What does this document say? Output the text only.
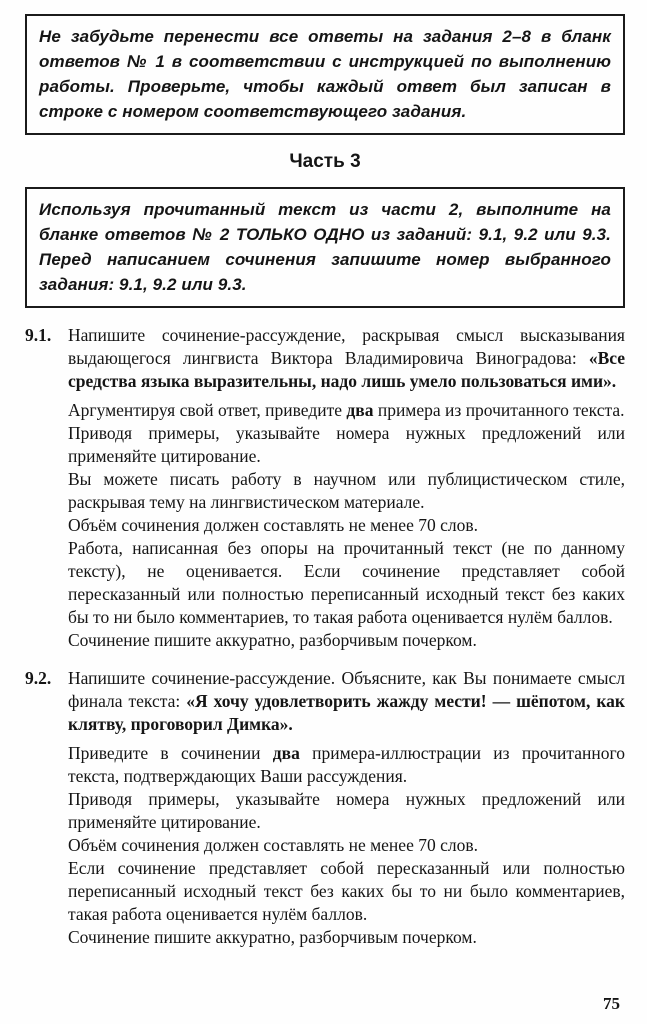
Не забудьте перенести все ответы на задания 2–8 в бланк ответов № 1 в соответствии с инструкцией по выполнению работы. Проверьте, чтобы каждый ответ был записан в строке с номером соответствующего задания.
Часть 3
Используя прочитанный текст из части 2, выполните на бланке ответов № 2 ТОЛЬКО ОДНО из заданий: 9.1, 9.2 или 9.3. Перед написанием сочинения запишите номер выбранного задания: 9.1, 9.2 или 9.3.
9.1. Напишите сочинение-рассуждение, раскрывая смысл высказывания выдающегося лингвиста Виктора Владимировича Виноградова: «Все средства языка выразительны, надо лишь умело пользоваться ими».

Аргументируя свой ответ, приведите два примера из прочитанного текста.

Приводя примеры, указывайте номера нужных предложений или применяйте цитирование.

Вы можете писать работу в научном или публицистическом стиле, раскрывая тему на лингвистическом материале.

Объём сочинения должен составлять не менее 70 слов.

Работа, написанная без опоры на прочитанный текст (не по данному тексту), не оценивается. Если сочинение представляет собой пересказанный или полностью переписанный исходный текст без каких бы то ни было комментариев, то такая работа оценивается нулём баллов.

Сочинение пишите аккуратно, разборчивым почерком.

9.2. Напишите сочинение-рассуждение. Объясните, как Вы понимаете смысл финала текста: «Я хочу удовлетворить жажду мести! — шёпотом, как клятву, проговорил Димка».

Приведите в сочинении два примера-иллюстрации из прочитанного текста, подтверждающих Ваши рассуждения.

Приводя примеры, указывайте номера нужных предложений или применяйте цитирование.

Объём сочинения должен составлять не менее 70 слов.

Если сочинение представляет собой пересказанный или полностью переписанный исходный текст без каких бы то ни было комментариев, такая работа оценивается нулём баллов.

Сочинение пишите аккуратно, разборчивым почерком.

75
